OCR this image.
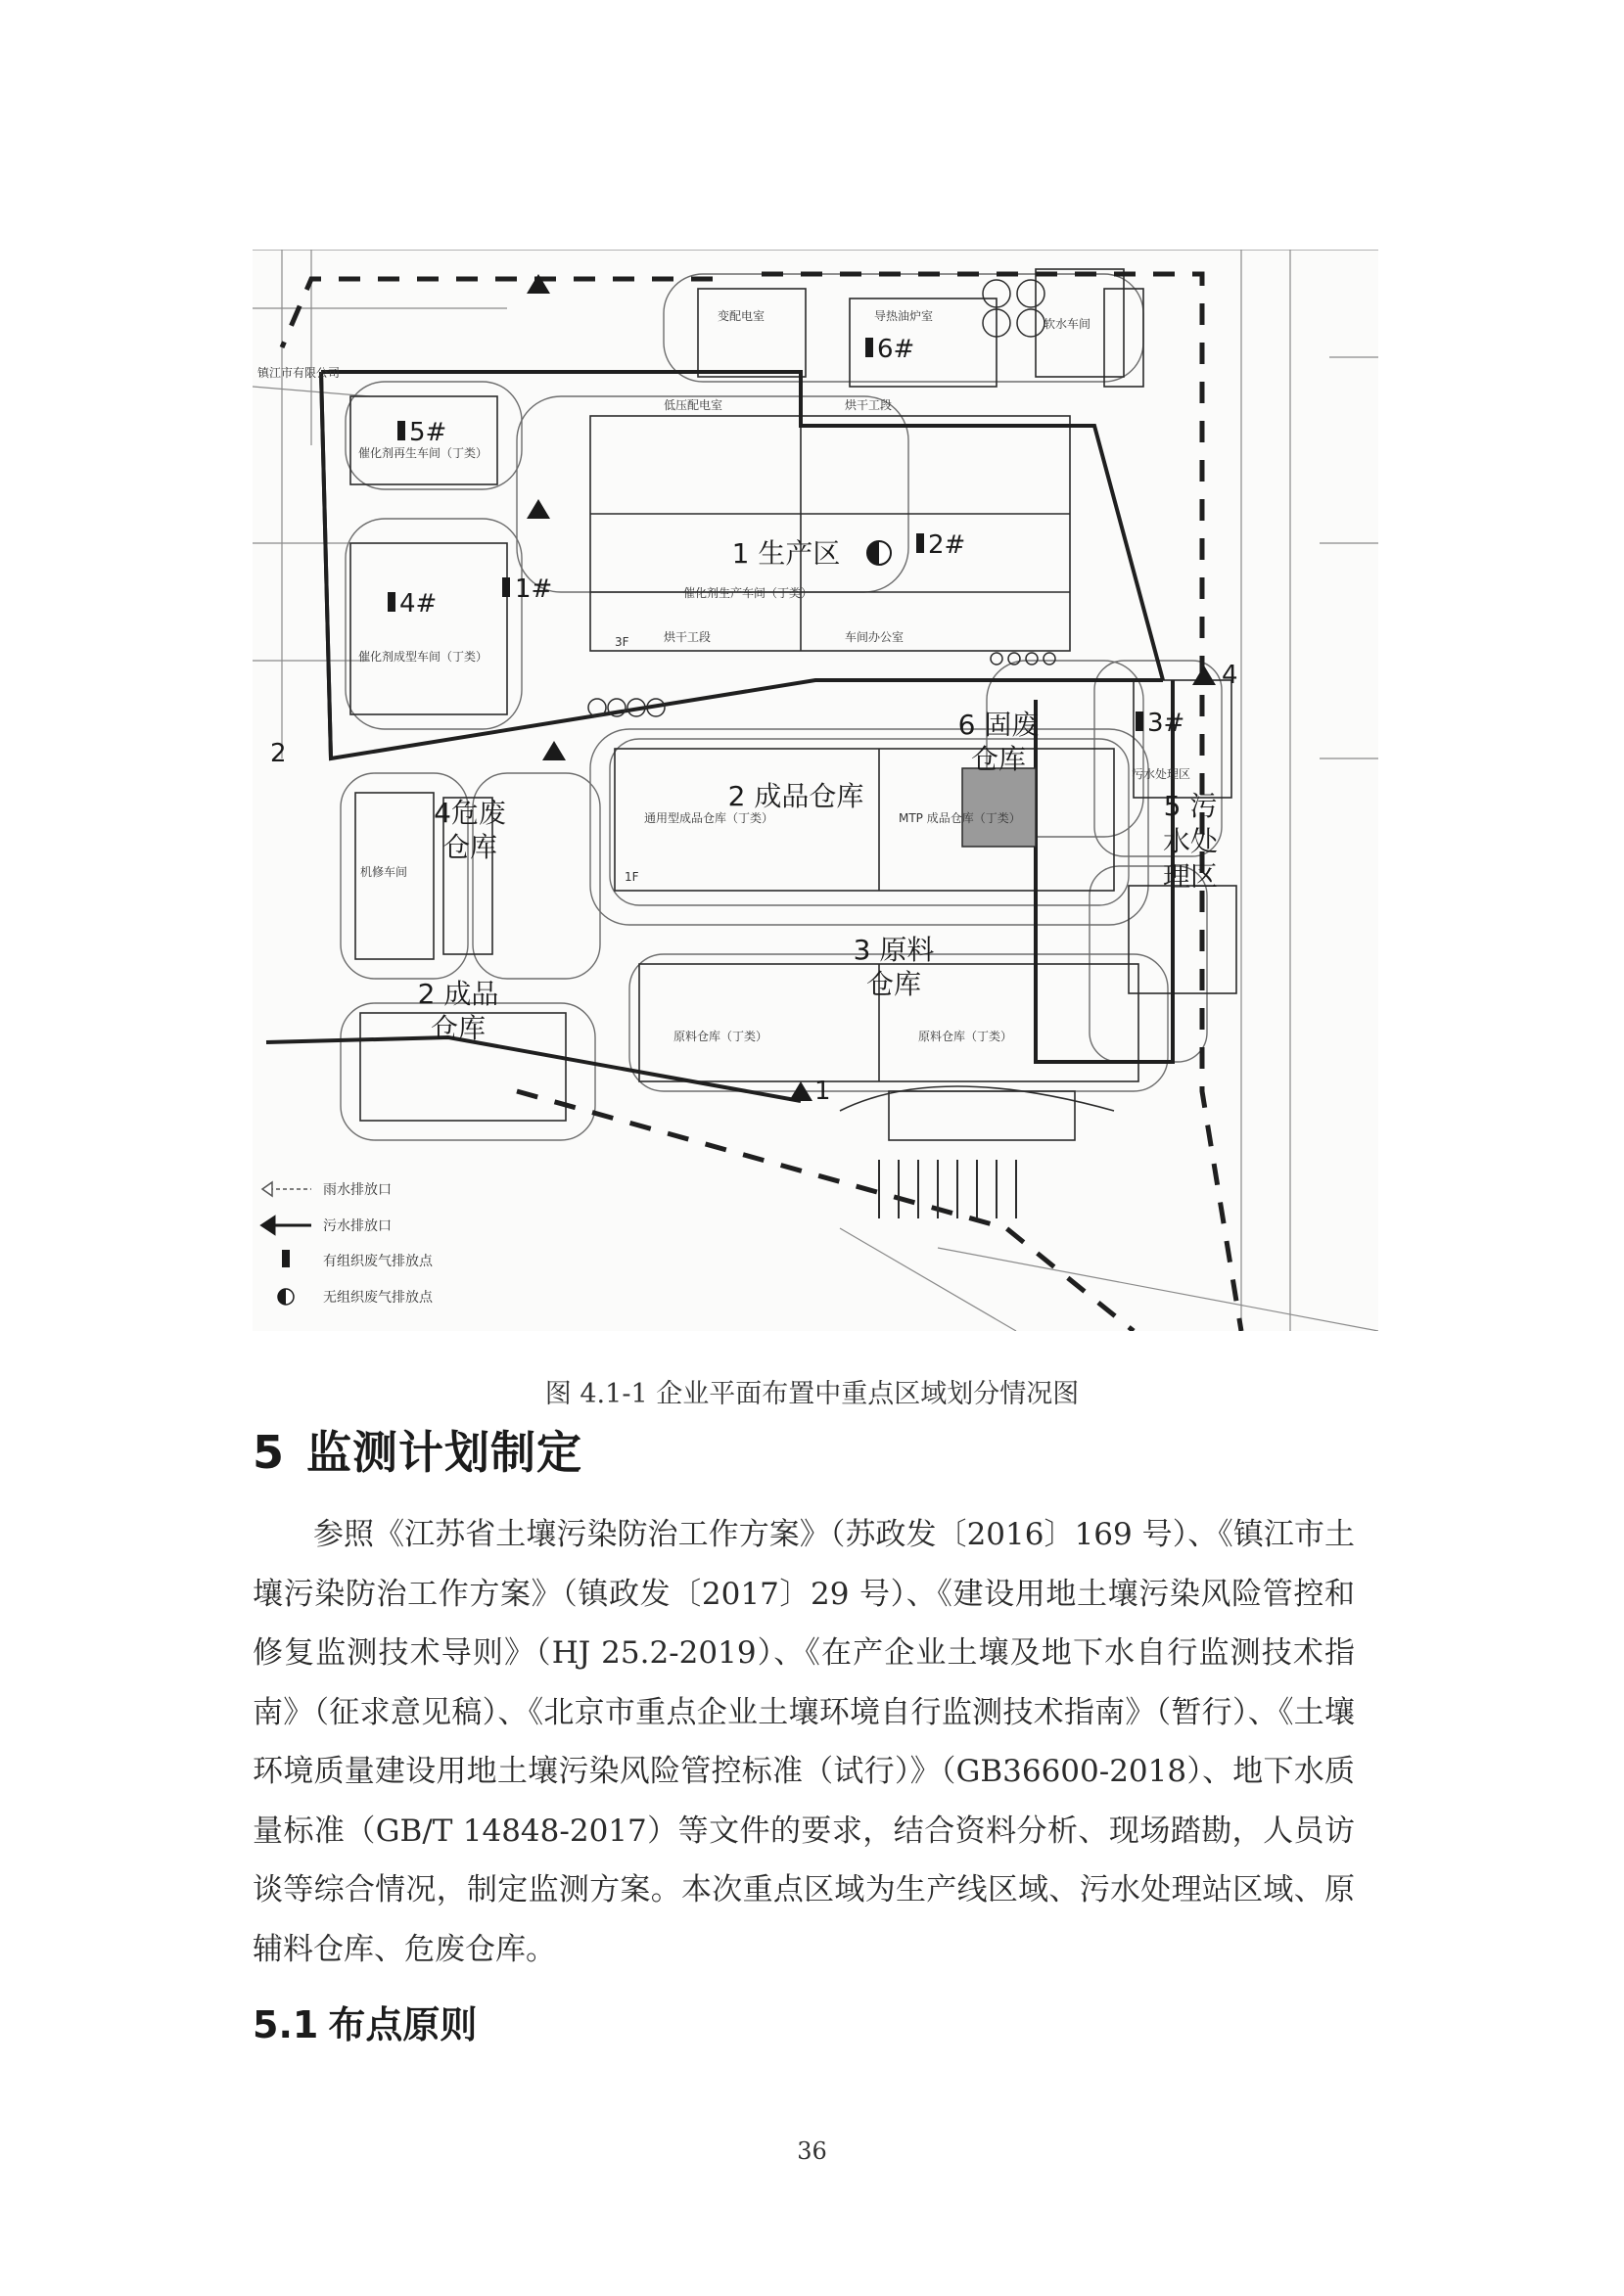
1 生产区
2 成品仓库
2 成品
仓库
3 原料
仓库
4危废
仓库
5 污
水处
理区
6 固废
仓库
1#
2#
3#
4#
5#
6#
1
2
4
变配电室	导热油炉室
低压配电室	烘干工段
烘干工段	车间办公室
催化剂生产车间（丁类）
催化剂再生车间（丁类）
催化剂成型车间（丁类）
污水处理区
MTP 成品仓库（丁类）
通用型成品仓库（丁类）
原料仓库（丁类）	原料仓库（丁类）
机修车间
软水车间
3F
1F
镇江市有限公司
雨水排放口
污水排放口
有组织废气排放点
无组织废气排放点
图 4.1-1 企业平面布置中重点区域划分情况图
5 监测计划制定

参照《江苏省土壤污染防治工作方案》（苏政发〔2016〕169 号）、《镇江市土壤污染防治工作方案》（镇政发〔2017〕29 号）、《建设用地土壤污染风险管控和修复监测技术导则》（HJ 25.2-2019）、《在产企业土壤及地下水自行监测技术指南》（征求意见稿）、《北京市重点企业土壤环境自行监测技术指南》（暂行）、《土壤环境质量建设用地土壤污染风险管控标准（试行）》（GB36600-2018）、地下水质量标准（GB/T 14848-2017）等文件的要求，结合资料分析、现场踏勘，人员访谈等综合情况，制定监测方案。本次重点区域为生产线区域、污水处理站区域、原辅料仓库、危废仓库。

5.1 布点原则
36
